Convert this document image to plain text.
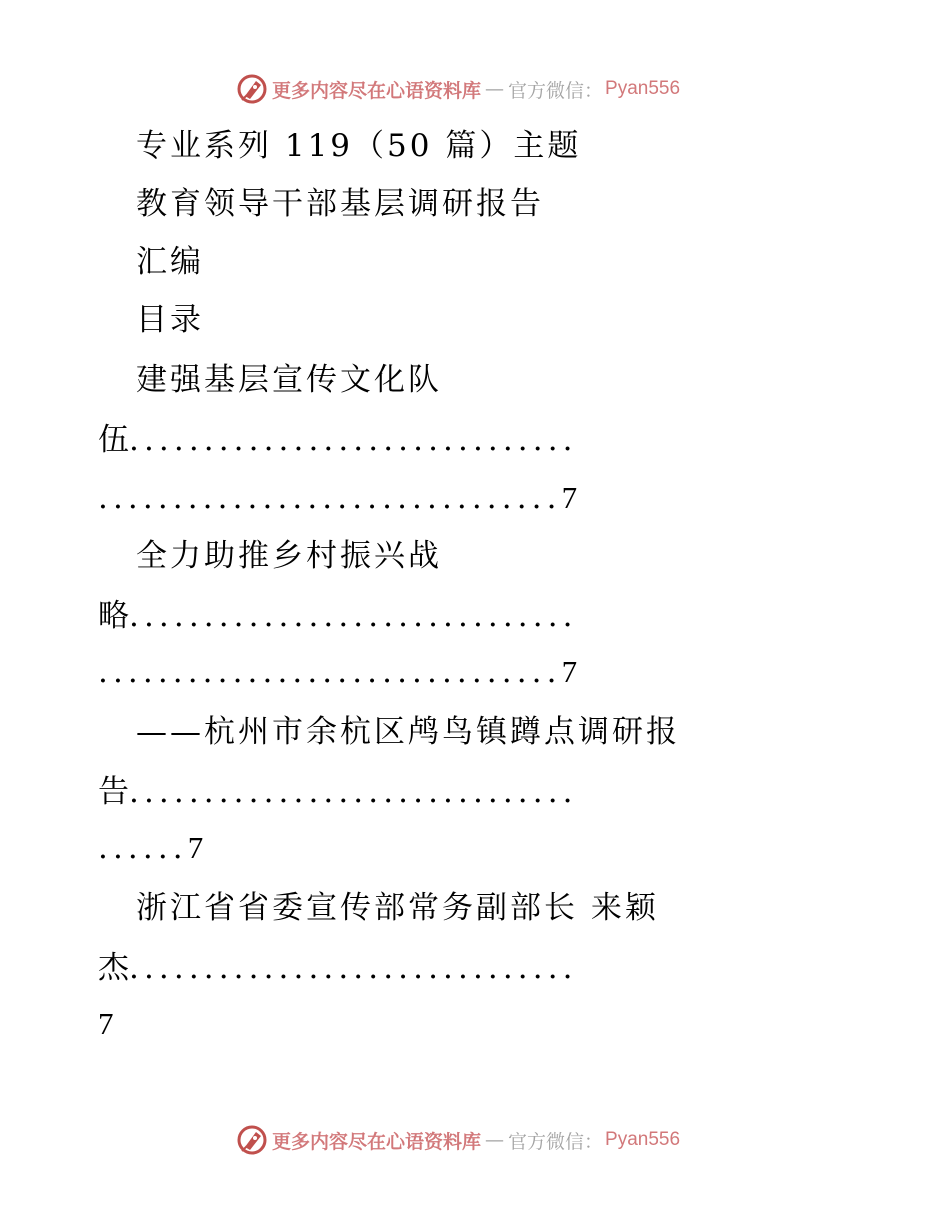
更多内容尽在心语资料库 — 官方微信： Pyan556
专业系列 119（50 篇）主题
教育领导干部基层调研报告
汇编
目录
建强基层宣传文化队
伍..............................
...............................7
全力助推乡村振兴战
略..............................
...............................7
——杭州市余杭区鸬鸟镇蹲点调研报
告..............................
......7
浙江省省委宣传部常务副部长 来颖
杰..............................
7
更多内容尽在心语资料库 — 官方微信： Pyan556
